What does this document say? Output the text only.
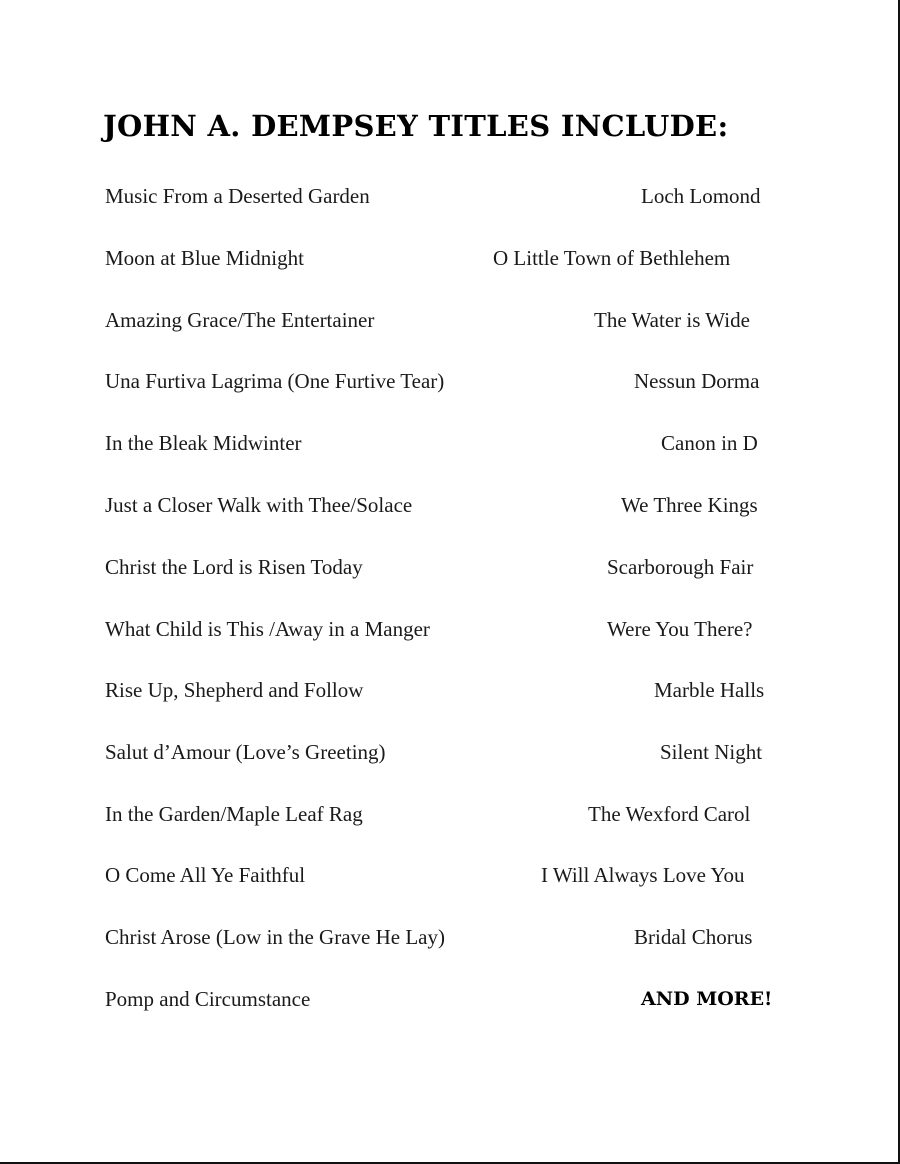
JOHN A. DEMPSEY TITLES INCLUDE:
Music From a Deserted Garden	Loch Lomond
Moon at Blue Midnight	O Little Town of Bethlehem
Amazing Grace/The Entertainer	The Water is Wide
Una Furtiva Lagrima (One Furtive Tear)	Nessun Dorma
In the Bleak Midwinter	Canon in D
Just a Closer Walk with Thee/Solace	We Three Kings
Christ the Lord is Risen Today	Scarborough Fair
What Child is This /Away in a Manger	Were You There?
Rise Up, Shepherd and Follow	Marble Halls
Salut d’Amour (Love’s Greeting)	Silent Night
In the Garden/Maple Leaf Rag	The Wexford Carol
O Come All Ye Faithful	I Will Always Love You
Christ Arose (Low in the Grave He Lay)	Bridal Chorus
Pomp and Circumstance	AND MORE!
